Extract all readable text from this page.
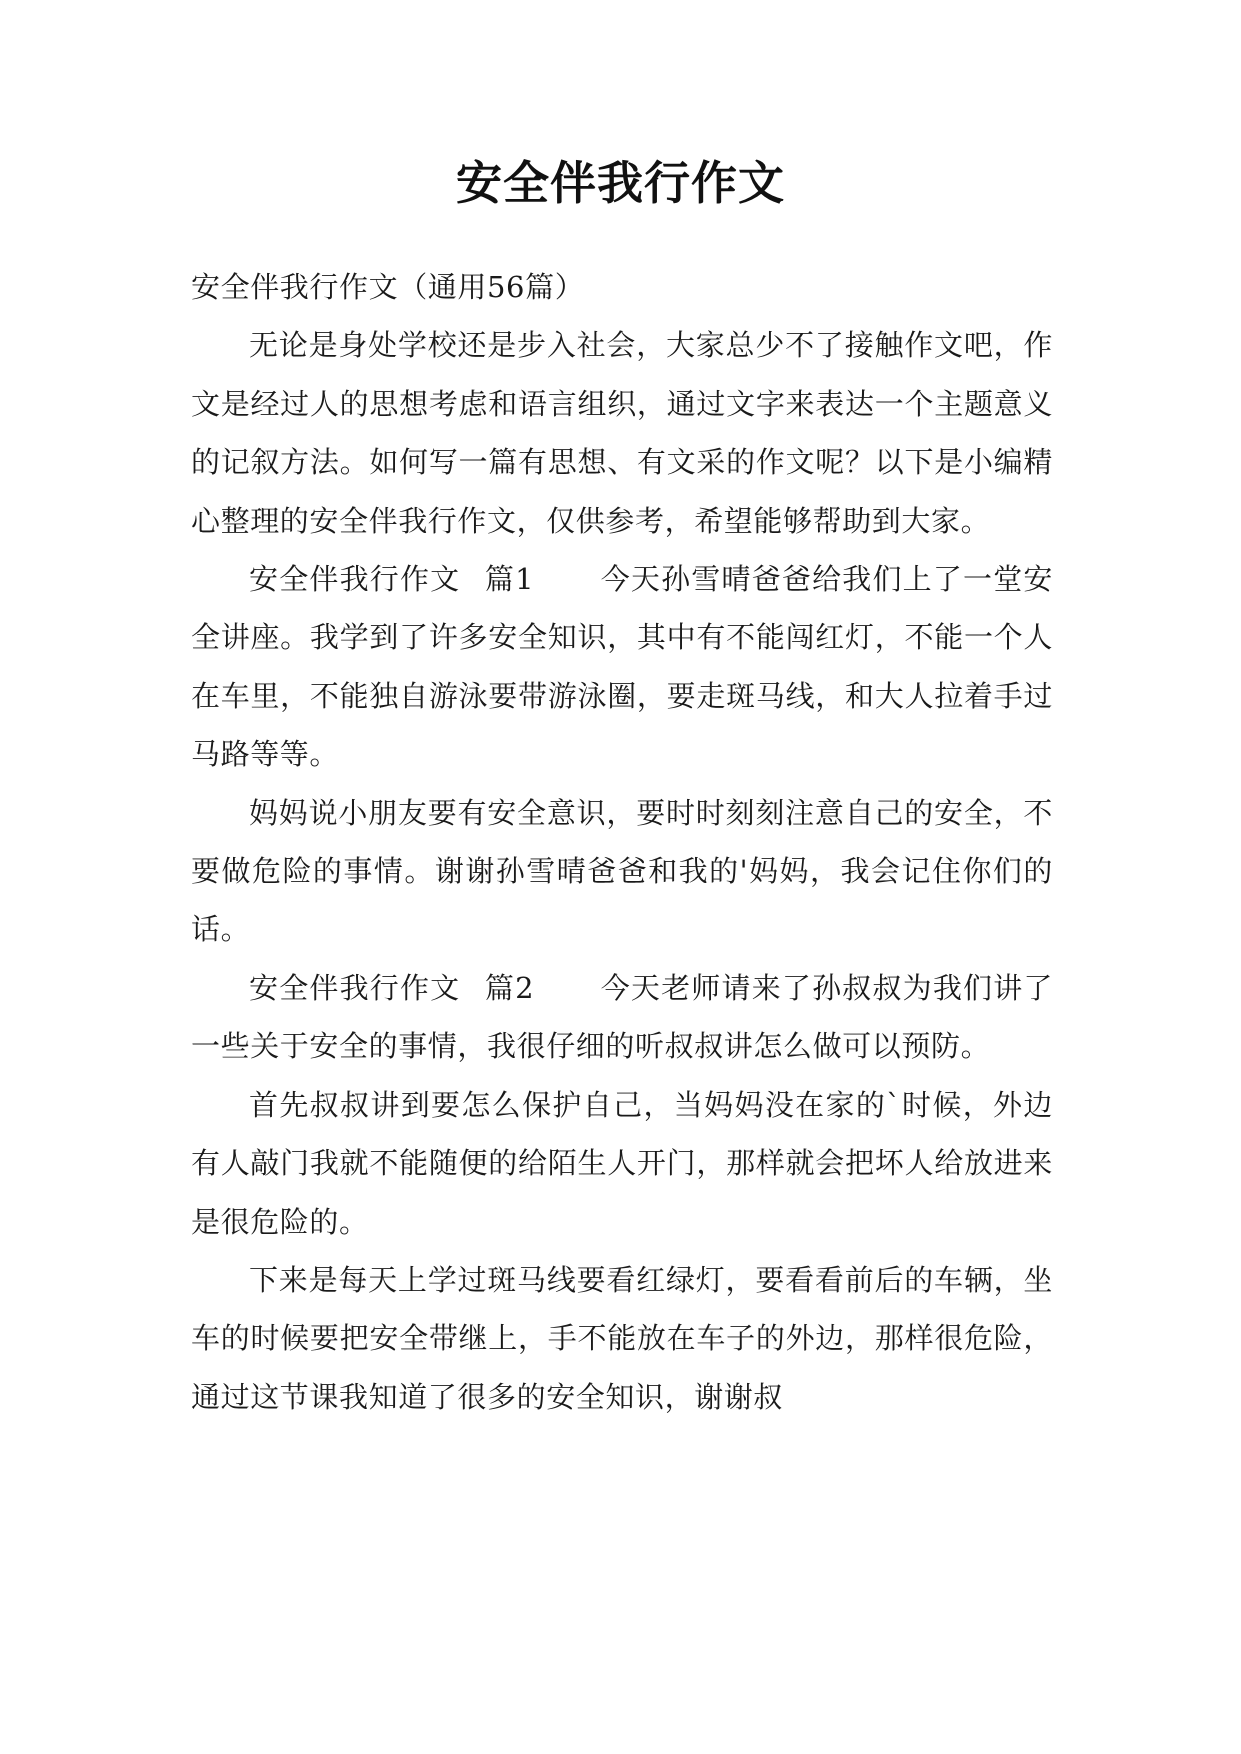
安全伴我行作文

安全伴我行作文（通用56篇）

无论是身处学校还是步入社会，大家总少不了接触作文吧，作文是经过人的思想考虑和语言组织，通过文字来表达一个主题意义的记叙方法。如何写一篇有思想、有文采的作文呢？以下是小编精心整理的安全伴我行作文，仅供参考，希望能够帮助到大家。

安全伴我行作文 篇1 今天孙雪晴爸爸给我们上了一堂安全讲座。我学到了许多安全知识，其中有不能闯红灯，不能一个人在车里，不能独自游泳要带游泳圈，要走斑马线，和大人拉着手过马路等等。

妈妈说小朋友要有安全意识，要时时刻刻注意自己的安全，不要做危险的事情。谢谢孙雪晴爸爸和我的'妈妈，我会记住你们的话。

安全伴我行作文 篇2 今天老师请来了孙叔叔为我们讲了一些关于安全的事情，我很仔细的听叔叔讲怎么做可以预防。

首先叔叔讲到要怎么保护自己，当妈妈没在家的`时候，外边有人敲门我就不能随便的给陌生人开门，那样就会把坏人给放进来是很危险的。

下来是每天上学过斑马线要看红绿灯，要看看前后的车辆，坐车的时候要把安全带继上，手不能放在车子的外边，那样很危险，通过这节课我知道了很多的安全知识，谢谢叔
